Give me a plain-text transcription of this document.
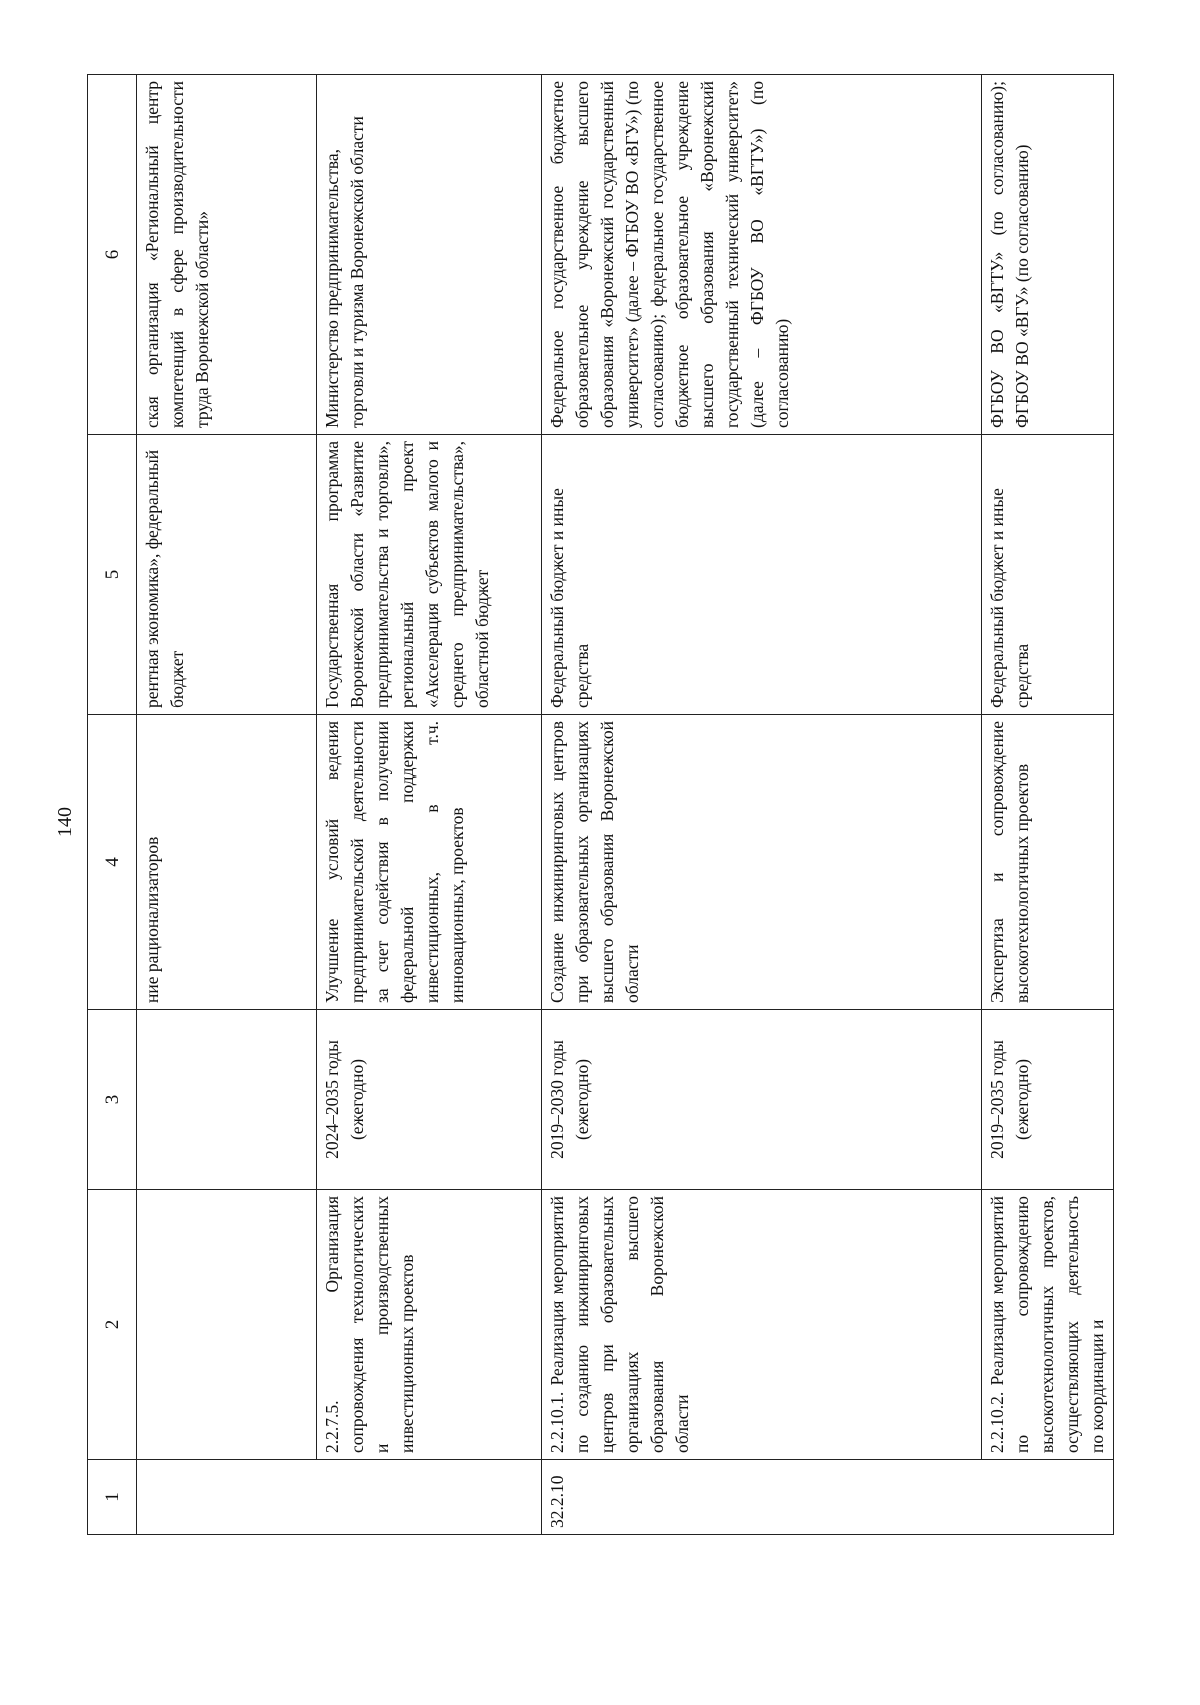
140
1	2	3	4	5	6
			ние рационализаторов	рентная экономика», федеральный бюджет	ская организация «Региональный центр компетенций в сфере производительности труда Воронежской области»
	2.2.7.5. Организация сопровождения технологических и производственных инвестиционных проектов	2024–2035 годы (ежегодно)	Улучшение условий ведения предпринимательской деятельности за счет содействия в получении федеральной поддержки инвестиционных, в т.ч. инновационных, проектов	Государственная программа Воронежской области «Развитие предпринимательства и торговли», региональный проект «Акселерация субъектов малого и среднего предпринимательства», областной бюджет	Министерство предпринимательства, торговли и туризма Воронежской области
32.2.10	2.2.10.1. Реализация мероприятий по созданию инжиниринговых центров при образовательных организациях высшего образования Воронежской области	2019–2030 годы (ежегодно)	Создание инжиниринговых центров при образовательных организациях высшего образования Воронежской области	Федеральный бюджет и иные средства	Федеральное государственное бюджетное образовательное учреждение высшего образования «Воронежский государственный университет» (далее – ФГБОУ ВО «ВГУ») (по согласованию); федеральное государственное бюджетное образовательное учреждение высшего образования «Воронежский государственный технический университет» (далее – ФГБОУ ВО «ВГТУ») (по согласованию)
	2.2.10.2. Реализация мероприятий по сопровождению высокотехнологичных проектов, осуществляющих деятельность по координации и	2019–2035 годы (ежегодно)	Экспертиза и сопровождение высокотехнологичных проектов	Федеральный бюджет и иные средства	ФГБОУ ВО «ВГТУ» (по согласованию); ФГБОУ ВО «ВГУ» (по согласованию)
